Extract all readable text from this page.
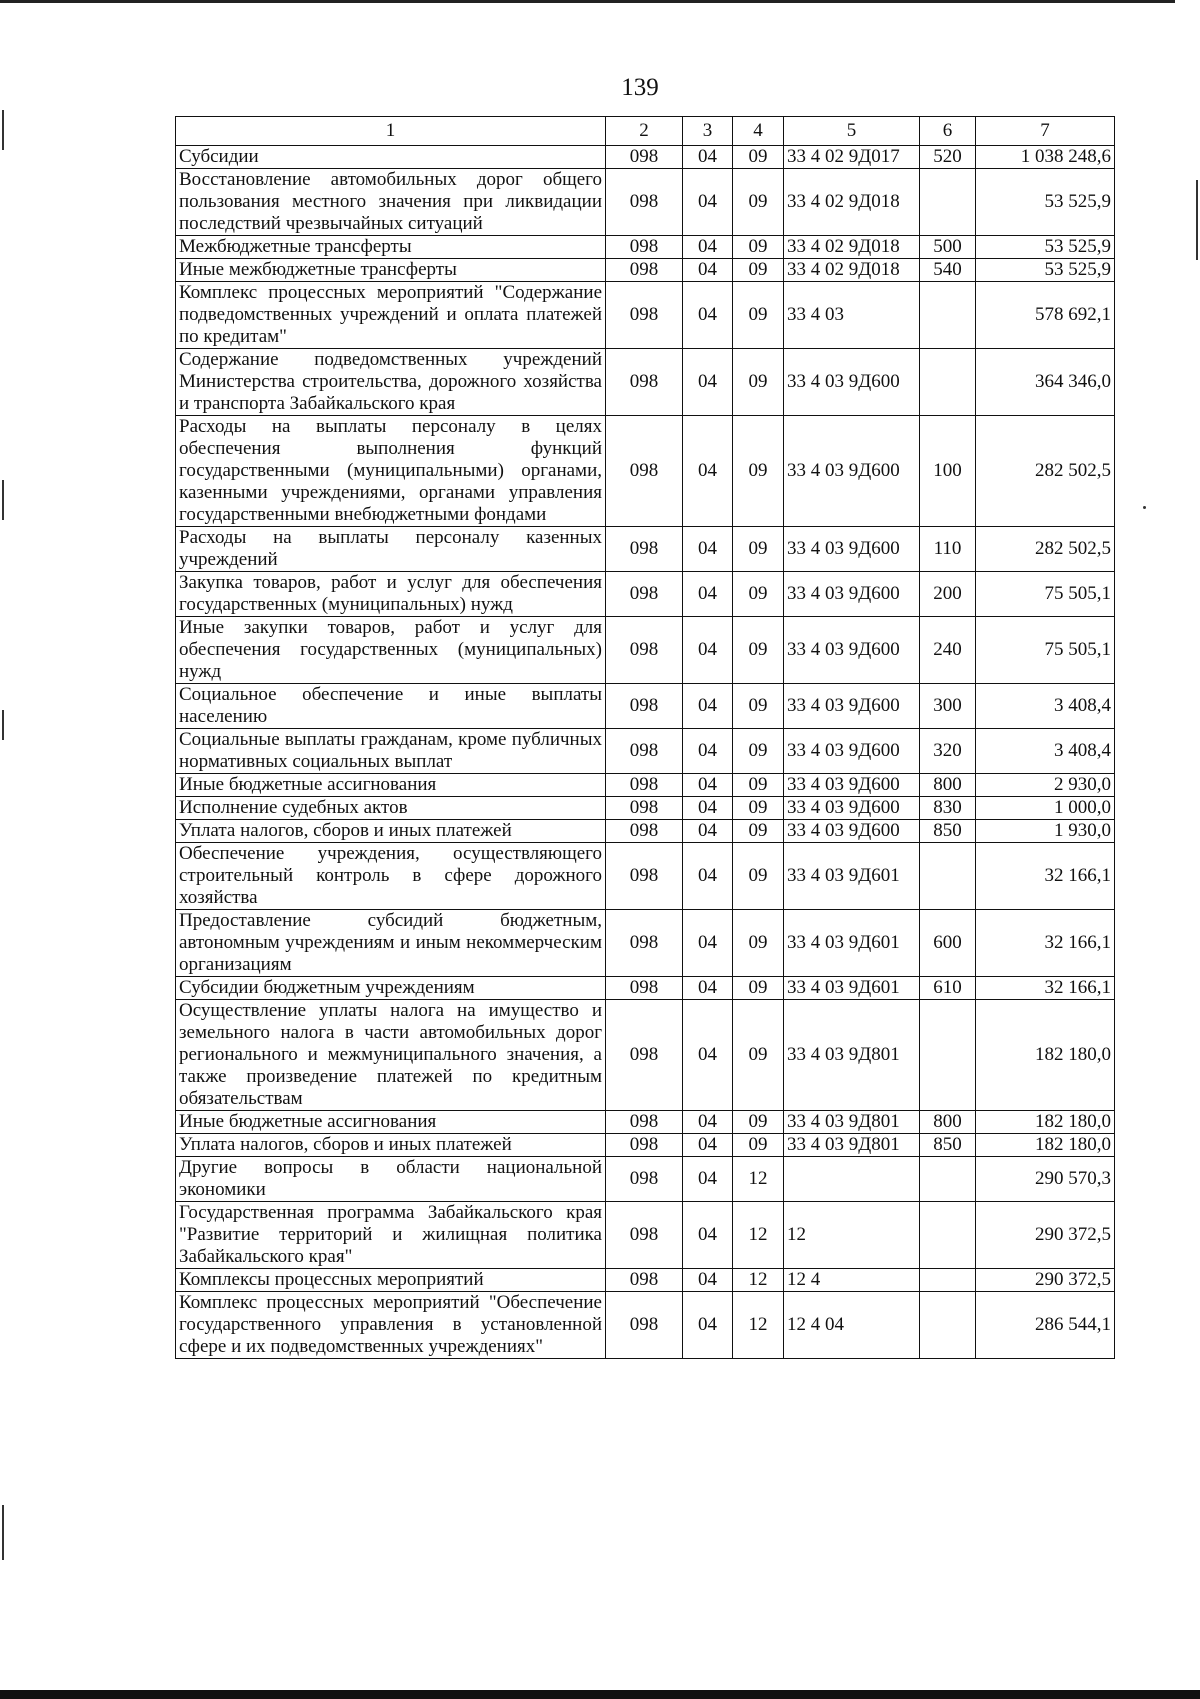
139
1	2	3	4	5	6	7
Субсидии	098	04	09	33 4 02 9Д017	520	1 038 248,6
Восстановление автомобильных дорог общего пользования местного значения при ликвидации последствий чрезвычайных ситуаций	098	04	09	33 4 02 9Д018		53 525,9
Межбюджетные трансферты	098	04	09	33 4 02 9Д018	500	53 525,9
Иные межбюджетные трансферты	098	04	09	33 4 02 9Д018	540	53 525,9
Комплекс процессных мероприятий "Содержание подведомственных учреждений и оплата платежей по кредитам"	098	04	09	33 4 03		578 692,1
Содержание подведомственных учреждений Министерства строительства, дорожного хозяйства и транспорта Забайкальского края	098	04	09	33 4 03 9Д600		364 346,0
Расходы на выплаты персоналу в целях обеспечения выполнения функций государственными (муниципальными) органами, казенными учреждениями, органами управления государственными внебюджетными фондами	098	04	09	33 4 03 9Д600	100	282 502,5
Расходы на выплаты персоналу казенных учреждений	098	04	09	33 4 03 9Д600	110	282 502,5
Закупка товаров, работ и услуг для обеспечения государственных (муниципальных) нужд	098	04	09	33 4 03 9Д600	200	75 505,1
Иные закупки товаров, работ и услуг для обеспечения государственных (муниципальных) нужд	098	04	09	33 4 03 9Д600	240	75 505,1
Социальное обеспечение и иные выплаты населению	098	04	09	33 4 03 9Д600	300	3 408,4
Социальные выплаты гражданам, кроме публичных нормативных социальных выплат	098	04	09	33 4 03 9Д600	320	3 408,4
Иные бюджетные ассигнования	098	04	09	33 4 03 9Д600	800	2 930,0
Исполнение судебных актов	098	04	09	33 4 03 9Д600	830	1 000,0
Уплата налогов, сборов и иных платежей	098	04	09	33 4 03 9Д600	850	1 930,0
Обеспечение учреждения, осуществляющего строительный контроль в сфере дорожного хозяйства	098	04	09	33 4 03 9Д601		32 166,1
Предоставление субсидий бюджетным, автономным учреждениям и иным некоммерческим организациям	098	04	09	33 4 03 9Д601	600	32 166,1
Субсидии бюджетным учреждениям	098	04	09	33 4 03 9Д601	610	32 166,1
Осуществление уплаты налога на имущество и земельного налога в части автомобильных дорог регионального и межмуниципального значения, а также произведение платежей по кредитным обязательствам	098	04	09	33 4 03 9Д801		182 180,0
Иные бюджетные ассигнования	098	04	09	33 4 03 9Д801	800	182 180,0
Уплата налогов, сборов и иных платежей	098	04	09	33 4 03 9Д801	850	182 180,0
Другие вопросы в области национальной экономики	098	04	12			290 570,3
Государственная программа Забайкальского края "Развитие территорий и жилищная политика Забайкальского края"	098	04	12	12		290 372,5
Комплексы процессных мероприятий	098	04	12	12 4		290 372,5
Комплекс процессных мероприятий "Обеспечение государственного управления в установленной сфере и их подведомственных учреждениях"	098	04	12	12 4 04		286 544,1
